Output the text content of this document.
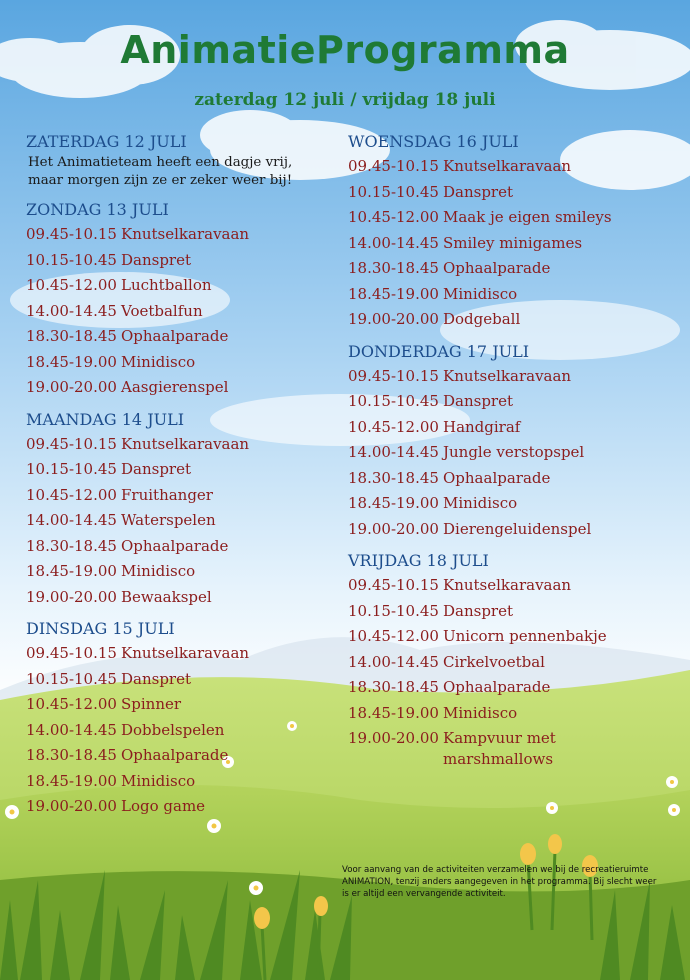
AnimatieProgramma
zaterdag 12 juli / vrijdag 18 juli
ZATERDAG 12 JULI
Het Animatieteam heeft een dagje vrij,
maar morgen zijn ze er zeker weer bij!
ZONDAG 13 JULI
09.45-10.15 Knutselkaravaan
10.15-10.45 Danspret
10.45-12.00 Luchtballon
14.00-14.45 Voetbalfun
18.30-18.45 Ophaalparade
18.45-19.00 Minidisco
19.00-20.00 Aasgierenspel
MAANDAG 14 JULI
09.45-10.15 Knutselkaravaan
10.15-10.45 Danspret
10.45-12.00 Fruithanger
14.00-14.45 Waterspelen
18.30-18.45 Ophaalparade
18.45-19.00 Minidisco
19.00-20.00 Bewaakspel
DINSDAG 15 JULI
09.45-10.15 Knutselkaravaan
10.15-10.45 Danspret
10.45-12.00 Spinner
14.00-14.45 Dobbelspelen
18.30-18.45 Ophaalparade
18.45-19.00 Minidisco
19.00-20.00 Logo game
WOENSDAG 16 JULI
09.45-10.15 Knutselkaravaan
10.15-10.45 Danspret
10.45-12.00 Maak je eigen smileys
14.00-14.45 Smiley minigames
18.30-18.45 Ophaalparade
18.45-19.00 Minidisco
19.00-20.00 Dodgeball
DONDERDAG 17 JULI
09.45-10.15 Knutselkaravaan
10.15-10.45 Danspret
10.45-12.00 Handgiraf
14.00-14.45 Jungle verstopspel
18.30-18.45 Ophaalparade
18.45-19.00 Minidisco
19.00-20.00 Dierengeluidenspel
VRIJDAG 18 JULI
09.45-10.15 Knutselkaravaan
10.15-10.45 Danspret
10.45-12.00 Unicorn pennenbakje
14.00-14.45 Cirkelvoetbal
18.30-18.45 Ophaalparade
18.45-19.00 Minidisco
19.00-20.00 Kampvuur met marshmallows
Voor aanvang van de activiteiten verzamelen we bij de recreatieruimte ANIMATION, tenzij anders aangegeven in het programma. Bij slecht weer is er altijd een vervangende activiteit.
